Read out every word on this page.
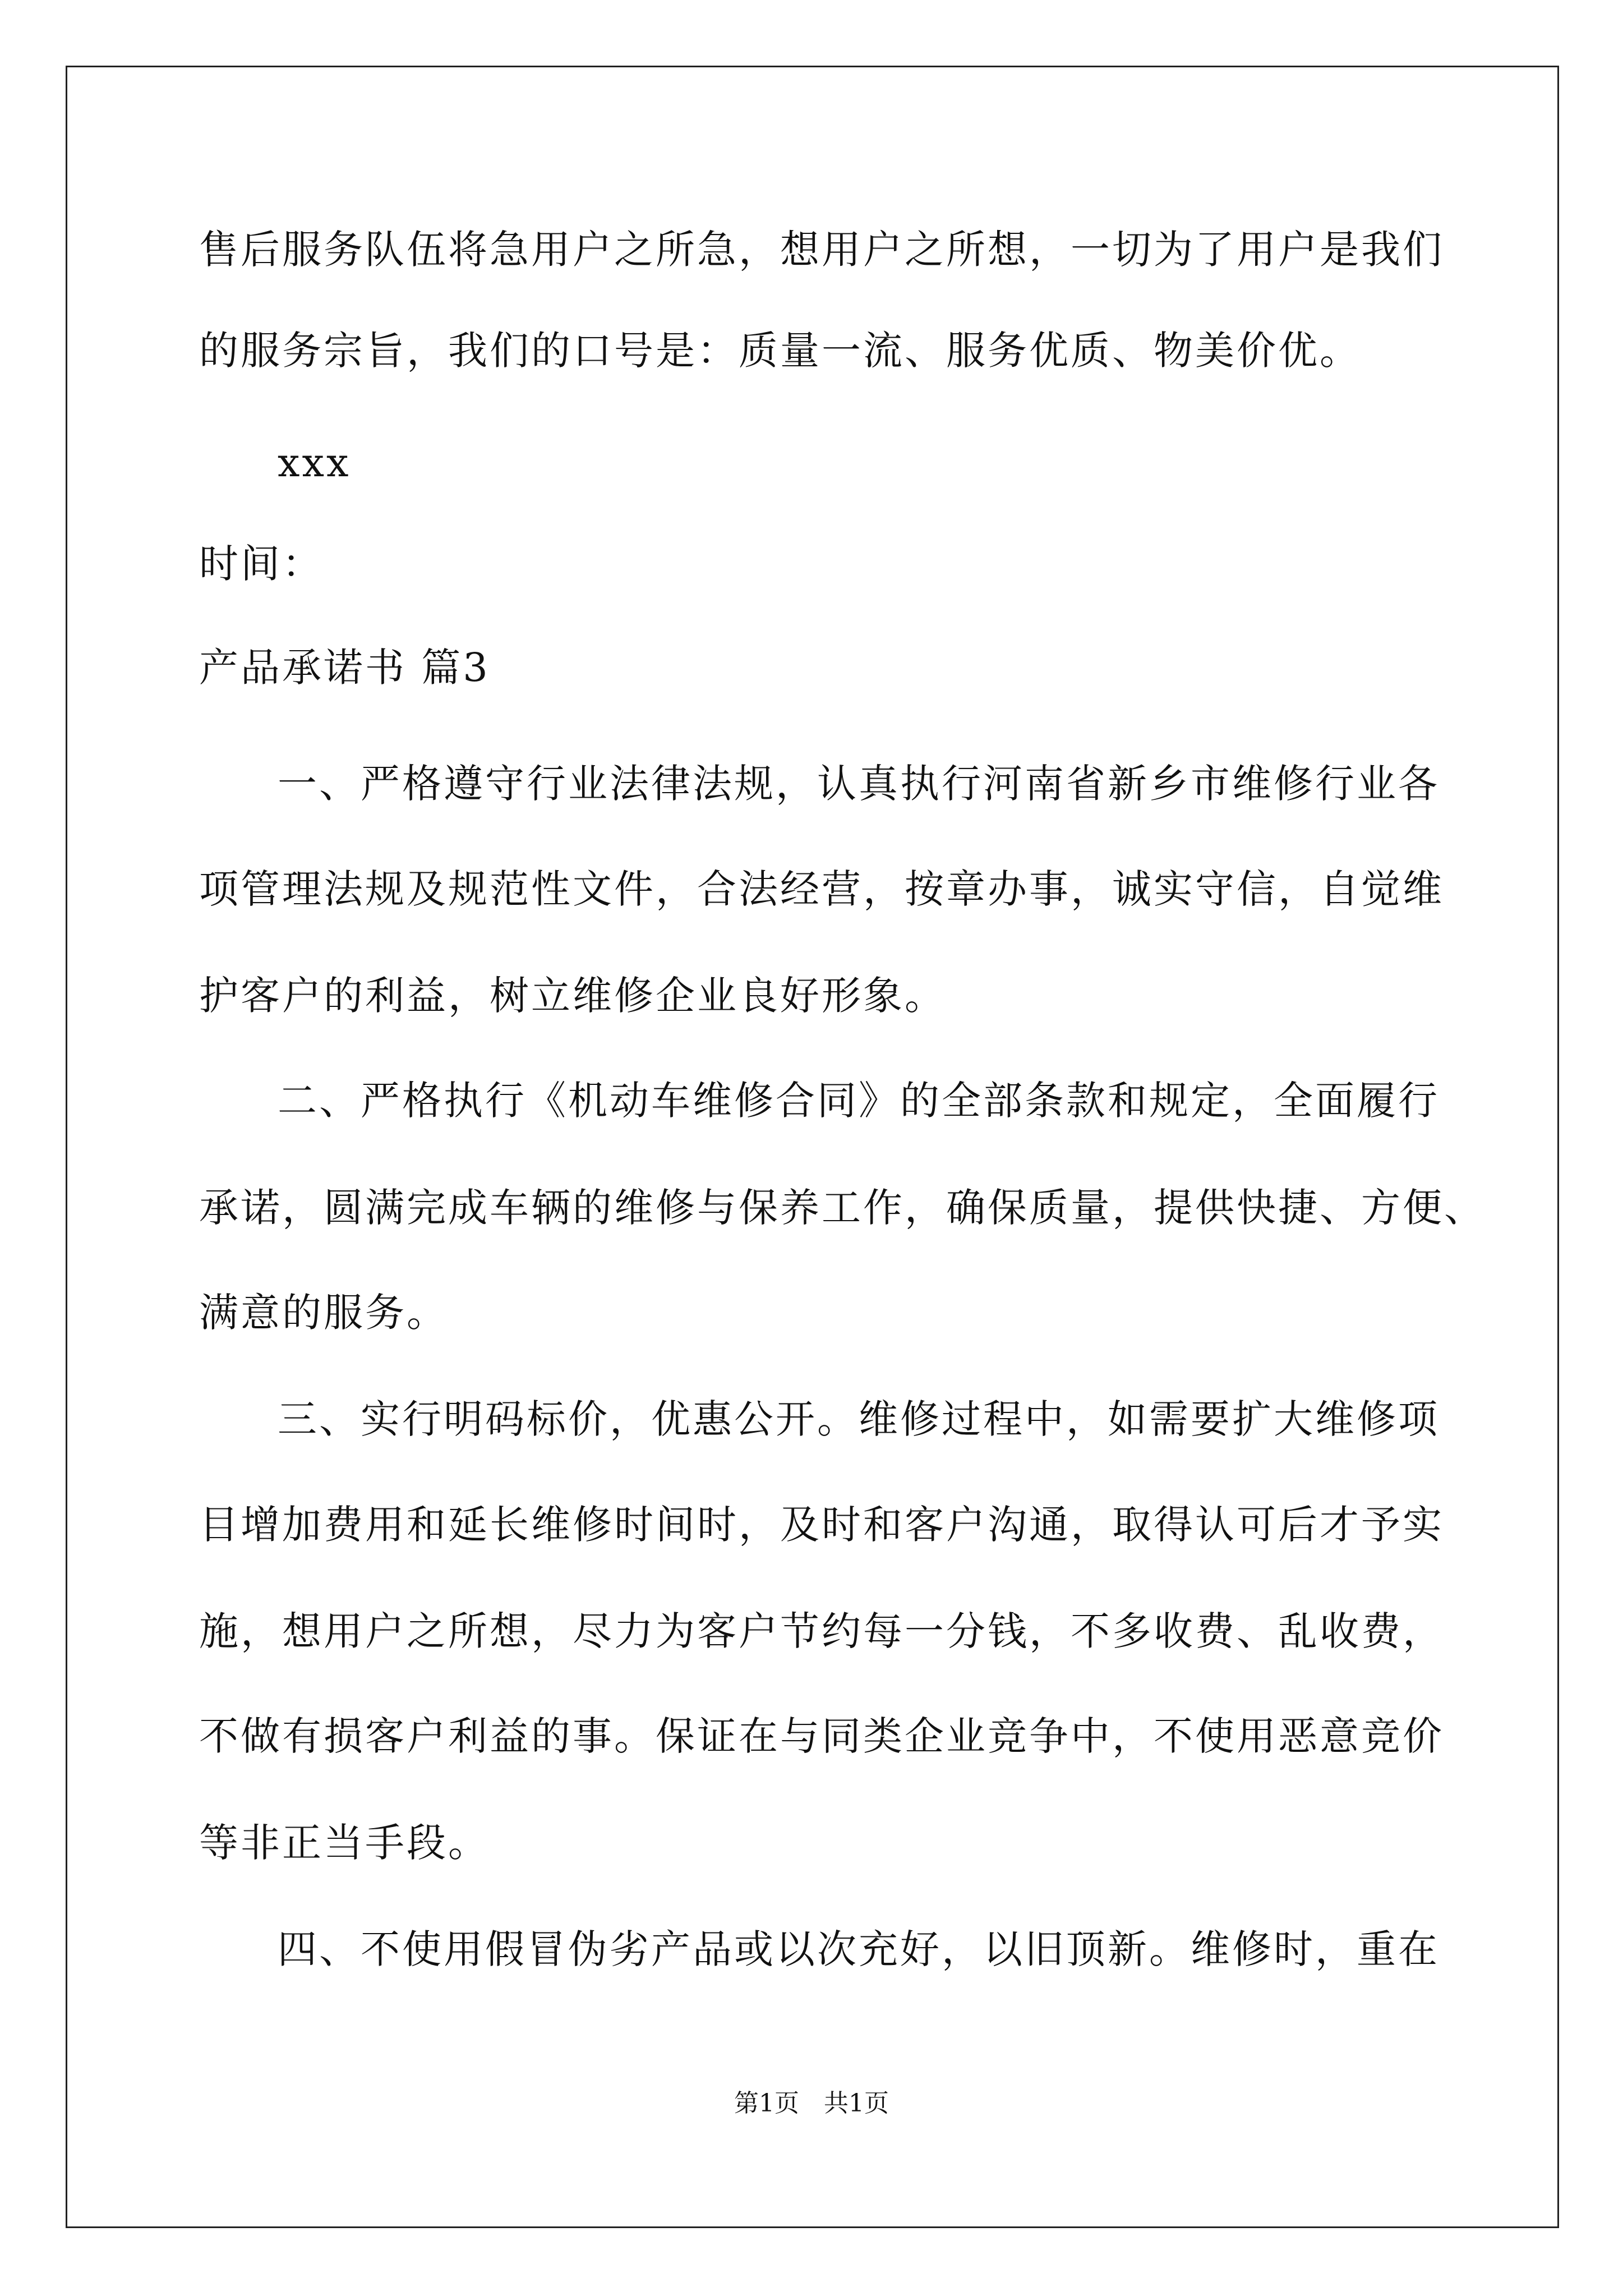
售后服务队伍将急用户之所急，想用户之所想，一切为了用户是我们
的服务宗旨，我们的口号是：质量一流、服务优质、物美价优。
xxx
时间：
产品承诺书 篇3
一、严格遵守行业法律法规，认真执行河南省新乡市维修行业各
项管理法规及规范性文件，合法经营，按章办事，诚实守信，自觉维
护客户的利益，树立维修企业良好形象。
二、严格执行《机动车维修合同》的全部条款和规定，全面履行
承诺，圆满完成车辆的维修与保养工作，确保质量，提供快捷、方便、
满意的服务。
三、实行明码标价，优惠公开。维修过程中，如需要扩大维修项
目增加费用和延长维修时间时，及时和客户沟通，取得认可后才予实
施，想用户之所想，尽力为客户节约每一分钱，不多收费、乱收费，
不做有损客户利益的事。保证在与同类企业竞争中，不使用恶意竞价
等非正当手段。
四、不使用假冒伪劣产品或以次充好，以旧顶新。维修时，重在
第1页　共1页
